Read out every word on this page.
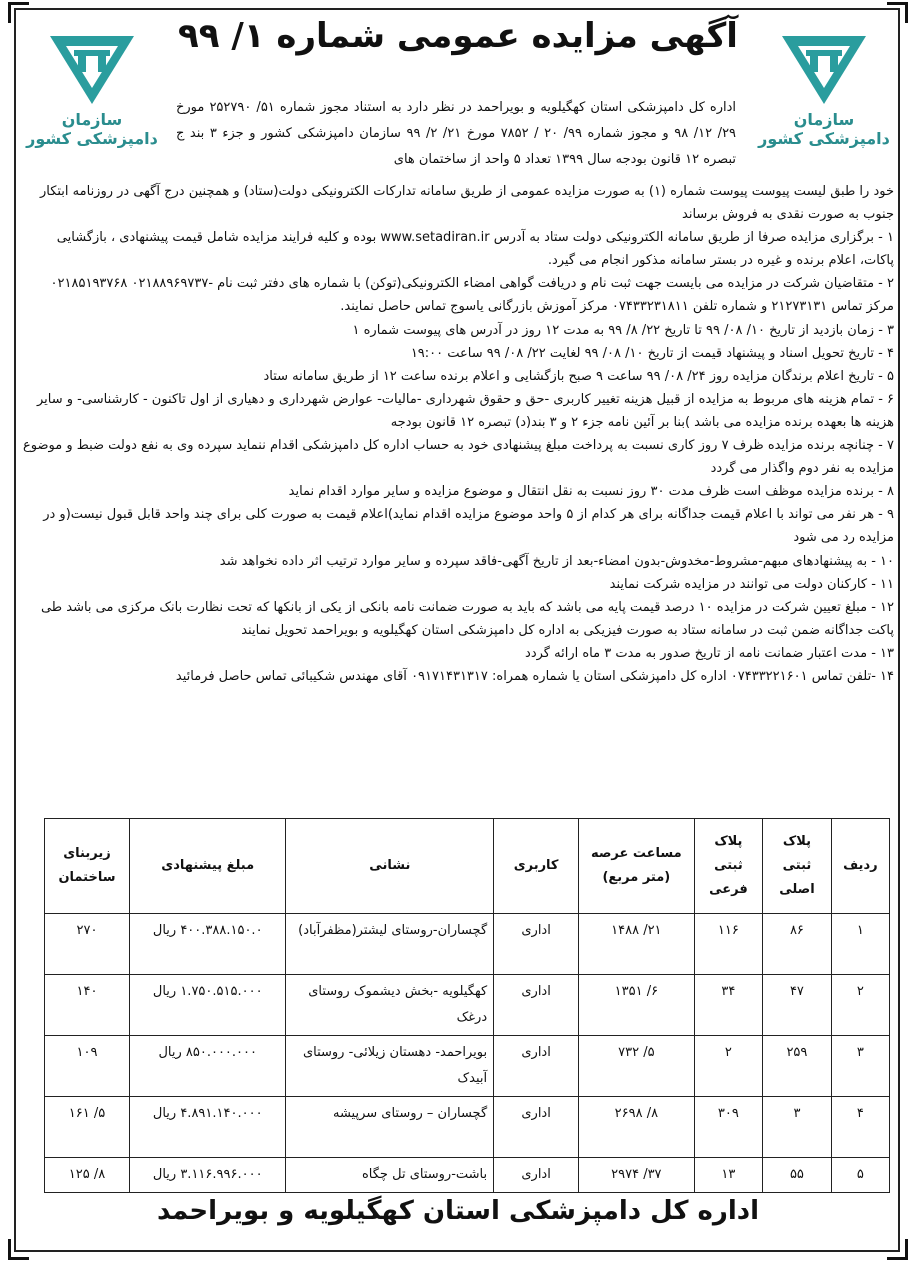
سازمان دامپزشکی کشور
سازمان دامپزشکی کشور
آگهی مزایده عمومی شماره ۱/ ۹۹
اداره کل دامپزشکی استان کهگیلویه و بویراحمد در نظر دارد به استناد مجوز شماره ۵۱/ ۲۵۲۷۹۰ مورخ ۲۹/ ۱۲/ ۹۸ و مجوز شماره ۹۹/ ۲۰ / ۷۸۵۲ مورخ ۲۱/ ۲/ ۹۹ سازمان دامپزشکی کشور و جزء ۳ بند ج تبصره ۱۲ قانون بودجه سال ۱۳۹۹ تعداد ۵ واحد از ساختمان های

خود را طبق لیست پیوست پیوست شماره (۱) به صورت مزایده عمومی از طریق سامانه تدارکات الکترونیکی دولت(ستاد) و همچنین درج آگهی در روزنامه ابتکار جنوب به صورت نقدی به فروش برساند

۱ - برگزاری مزایده صرفا از طریق سامانه الکترونیکی دولت ستاد به آدرس www.setadiran.ir بوده و کلیه فرایند مزایده شامل قیمت پیشنهادی ، بازگشایی پاکات، اعلام برنده و غیره در بستر سامانه مذکور انجام می گیرد.

۲ - متقاضیان شرکت در مزایده می بایست جهت ثبت نام و دریافت گواهی امضاء الکترونیکی(توکن) با شماره های دفتر ثبت نام -۰۲۱۸۸۹۶۹۷۳۷ ۰۲۱۸۵۱۹۳۷۶۸ مرکز تماس ۲۱۲۷۳۱۳۱ و شماره تلفن ۰۷۴۳۳۲۳۱۸۱۱ مرکز آموزش بازرگانی یاسوج تماس حاصل نمایند.

۳ - زمان بازدید از تاریخ ۱۰/ ۰۸/ ۹۹ تا تاریخ ۲۲/ ۸/ ۹۹ به مدت ۱۲ روز در آدرس های پیوست شماره ۱

۴ - تاریخ تحویل اسناد و پیشنهاد قیمت از تاریخ ۱۰/ ۰۸/ ۹۹ لغایت ۲۲/ ۰۸/ ۹۹ ساعت ۱۹:۰۰

۵ - تاریخ اعلام برندگان مزایده روز ۲۴/ ۰۸/ ۹۹ ساعت ۹ صبح بازگشایی و اعلام برنده ساعت ۱۲ از طریق سامانه ستاد

۶ - تمام هزینه های مربوط به مزایده از قبیل هزینه تغییر کاربری -حق و حقوق شهرداری -مالیات- عوارض شهرداری و دهیاری از اول تاکنون - کارشناسی- و سایر هزینه ها بعهده برنده مزایده می باشد )بنا بر آئین نامه جزء ۲ و ۳ بند(د) تبصره ۱۲ قانون بودجه

۷ - چنانچه برنده مزایده ظرف ۷ روز کاری نسبت به پرداخت مبلغ پیشنهادی خود به حساب اداره کل دامپزشکی اقدام ننماید سپرده وی به نفع دولت ضبط و موضوع مزایده به نفر دوم واگذار می گردد

۸ - برنده مزایده موظف است ظرف مدت ۳۰ روز نسبت به نقل انتقال و موضوع مزایده و سایر موارد اقدام نماید

۹ - هر نفر می تواند با اعلام قیمت جداگانه برای هر کدام از ۵ واحد موضوع مزایده اقدام نماید)اعلام قیمت به صورت کلی برای چند واحد قابل قبول نیست(و در مزایده رد می شود

۱۰ - به پیشنهادهای مبهم-مشروط-مخدوش-بدون امضاء-بعد از تاریخ آگهی-فاقد سپرده و سایر موارد ترتیب اثر داده نخواهد شد

۱۱ - کارکنان دولت می توانند در مزایده شرکت نمایند

۱۲ - مبلغ تعیین شرکت در مزایده ۱۰ درصد قیمت پایه می باشد که باید به صورت ضمانت نامه بانکی از یکی از بانکها که تحت نظارت بانک مرکزی می باشد طی پاکت جداگانه ضمن ثبت در سامانه ستاد به صورت فیزیکی به اداره کل دامپزشکی استان کهگیلویه و بویراحمد تحویل نمایند

۱۳ - مدت اعتبار ضمانت نامه از تاریخ صدور به مدت ۳ ماه ارائه گردد

۱۴ -تلفن تماس ۰۷۴۳۳۲۲۱۶۰۱ اداره کل دامپزشکی استان یا شماره همراه: ۰۹۱۷۱۴۳۱۳۱۷ آقای مهندس شکیبائی تماس حاصل فرمائید

ردیف	پلاک ثبتی اصلی	پلاک ثبتی فرعی	مساعت عرصه (متر مربع)	کاربری	نشانی	مبلغ پیشنهادی	زیربنای ساختمان
۱	۸۶	۱۱۶	۲۱/ ۱۴۸۸	اداری	گچساران-روستای لیشتر(مظفرآباد)	۴۰۰.۳۸۸.۱۵۰.۰ ریال	۲۷۰
۲	۴۷	۳۴	۶/ ۱۳۵۱	اداری	کهگیلویه -بخش دیشموک روستای درغک	۱.۷۵۰.۵۱۵.۰۰۰ ریال	۱۴۰
۳	۲۵۹	۲	۵/ ۷۳۲	اداری	بویراحمد- دهستان زیلائی- روستای آبیدک	۸۵۰.۰۰۰.۰۰۰ ریال	۱۰۹
۴	۳	۳۰۹	۸/ ۲۶۹۸	اداری	گچساران – روستای سرپیشه	۴.۸۹۱.۱۴۰.۰۰۰ ریال	۵/ ۱۶۱
۵	۵۵	۱۳	۳۷/ ۲۹۷۴	اداری	باشت-روستای تل چگاه	۳.۱۱۶.۹۹۶.۰۰۰ ریال	۸/ ۱۲۵
اداره کل دامپزشکی استان کهگیلویه و بویراحمد
